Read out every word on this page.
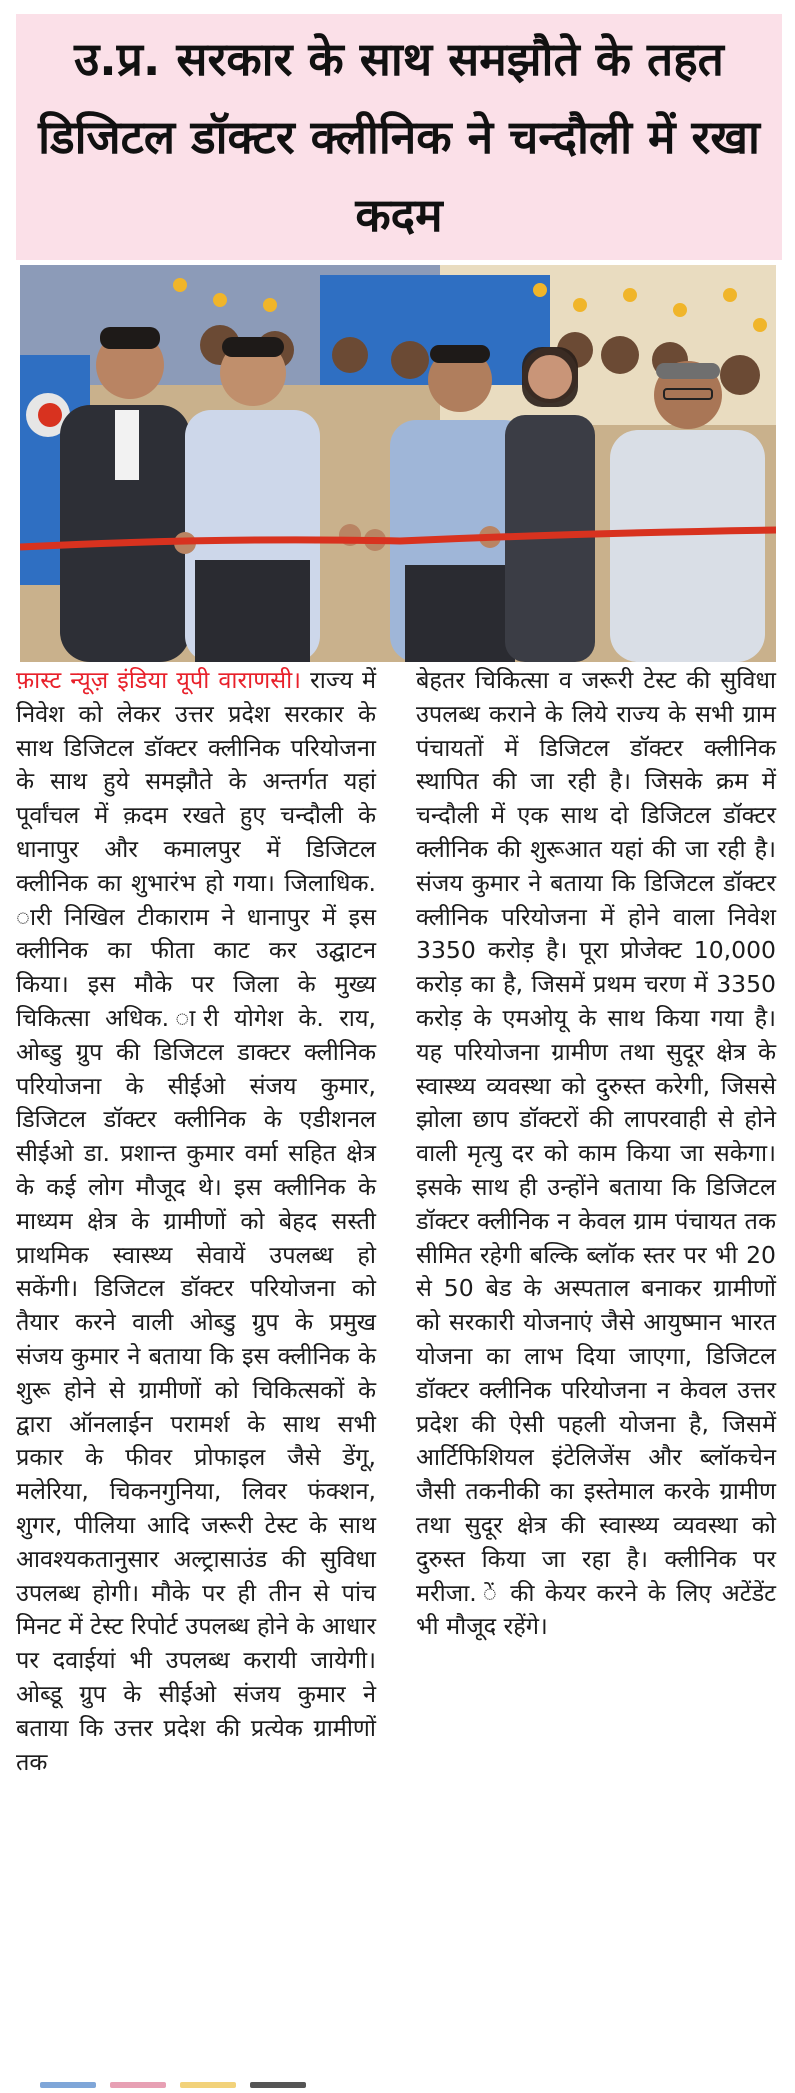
उ.प्र. सरकार के साथ समझौते के तहत डिजिटल डॉक्टर क्लीनिक ने चन्दौली में रखा कदम

फ़ास्ट न्यूज़ इंडिया यूपी वाराणसी। राज्य में निवेश को लेकर उत्तर प्रदेश सरकार के साथ डिजिटल डॉक्टर क्लीनिक परियोजना के साथ हुये समझौते के अन्तर्गत यहां पूर्वांचल में क़दम रखते हुए चन्दौली के धानापुर और कमालपुर में डिजिटल क्लीनिक का शुभारंभ हो गया। जिलाधिक. ारी निखिल टीकाराम ने धानापुर में इस क्लीनिक का फीता काट कर उद्घाटन किया। इस मौके पर जिला के मुख्य चिकित्सा अधिक. ारी योगेश के. राय, ओब्डु ग्रुप की डिजिटल डाक्टर क्लीनिक परियोजना के सीईओ संजय कुमार, डिजिटल डॉक्टर क्लीनिक के एडीशनल सीईओ डा. प्रशान्त कुमार वर्मा सहित क्षेत्र के कई लोग मौजूद थे। इस क्लीनिक के माध्यम क्षेत्र के ग्रामीणों को बेहद सस्ती प्राथमिक स्वास्थ्य सेवायें उपलब्ध हो सकेंगी। डिजिटल डॉक्टर परियोजना को तैयार करने वाली ओब्डु ग्रुप के प्रमुख संजय कुमार ने बताया कि इस क्लीनिक के शुरू होने से ग्रामीणों को चिकित्सकों के द्वारा ऑनलाईन परामर्श के साथ सभी प्रकार के फीवर प्रोफाइल जैसे डेंगू, मलेरिया, चिकनगुनिया, लिवर फंक्शन, शुगर, पीलिया आदि जरूरी टेस्ट के साथ आवश्यकतानुसार अल्ट्रासाउंड की सुविधा उपलब्ध होगी। मौके पर ही तीन से पांच मिनट में टेस्ट रिपोर्ट उपलब्ध होने के आधार पर दवाईयां भी उपलब्ध करायी जायेगी। ओब्डू ग्रुप के सीईओ संजय कुमार ने बताया कि उत्तर प्रदेश की प्रत्येक ग्रामीणों तक

बेहतर चिकित्सा व जरूरी टेस्ट की सुविधा उपलब्ध कराने के लिये राज्य के सभी ग्राम पंचायतों में डिजिटल डॉक्टर क्लीनिक स्थापित की जा रही है। जिसके क्रम में चन्दौली में एक साथ दो डिजिटल डॉक्टर क्लीनिक की शुरूआत यहां की जा रही है। संजय कुमार ने बताया कि डिजिटल डॉक्टर क्लीनिक परियोजना में होने वाला निवेश 3350 करोड़ है। पूरा प्रोजेक्ट 10,000 करोड़ का है, जिसमें प्रथम चरण में 3350 करोड़ के एमओयू के साथ किया गया है। यह परियोजना ग्रामीण तथा सुदूर क्षेत्र के स्वास्थ्य व्यवस्था को दुरुस्त करेगी, जिससे झोला छाप डॉक्टरों की लापरवाही से होने वाली मृत्यु दर को काम किया जा सकेगा। इसके साथ ही उन्होंने बताया कि डिजिटल डॉक्टर क्लीनिक न केवल ग्राम पंचायत तक सीमित रहेगी बल्कि ब्लॉक स्तर पर भी 20 से 50 बेड के अस्पताल बनाकर ग्रामीणों को सरकारी योजनाएं जैसे आयुष्मान भारत योजना का लाभ दिया जाएगा, डिजिटल डॉक्टर क्लीनिक परियोजना न केवल उत्तर प्रदेश की ऐसी पहली योजना है, जिसमें आर्टिफिशियल इंटेलिजेंस और ब्लॉकचेन जैसी तकनीकी का इस्तेमाल करके ग्रामीण तथा सुदूर क्षेत्र की स्वास्थ्य व्यवस्था को दुरुस्त किया जा रहा है। क्लीनिक पर मरीजा. ें की केयर करने के लिए अटेंडेंट भी मौजूद रहेंगे।
